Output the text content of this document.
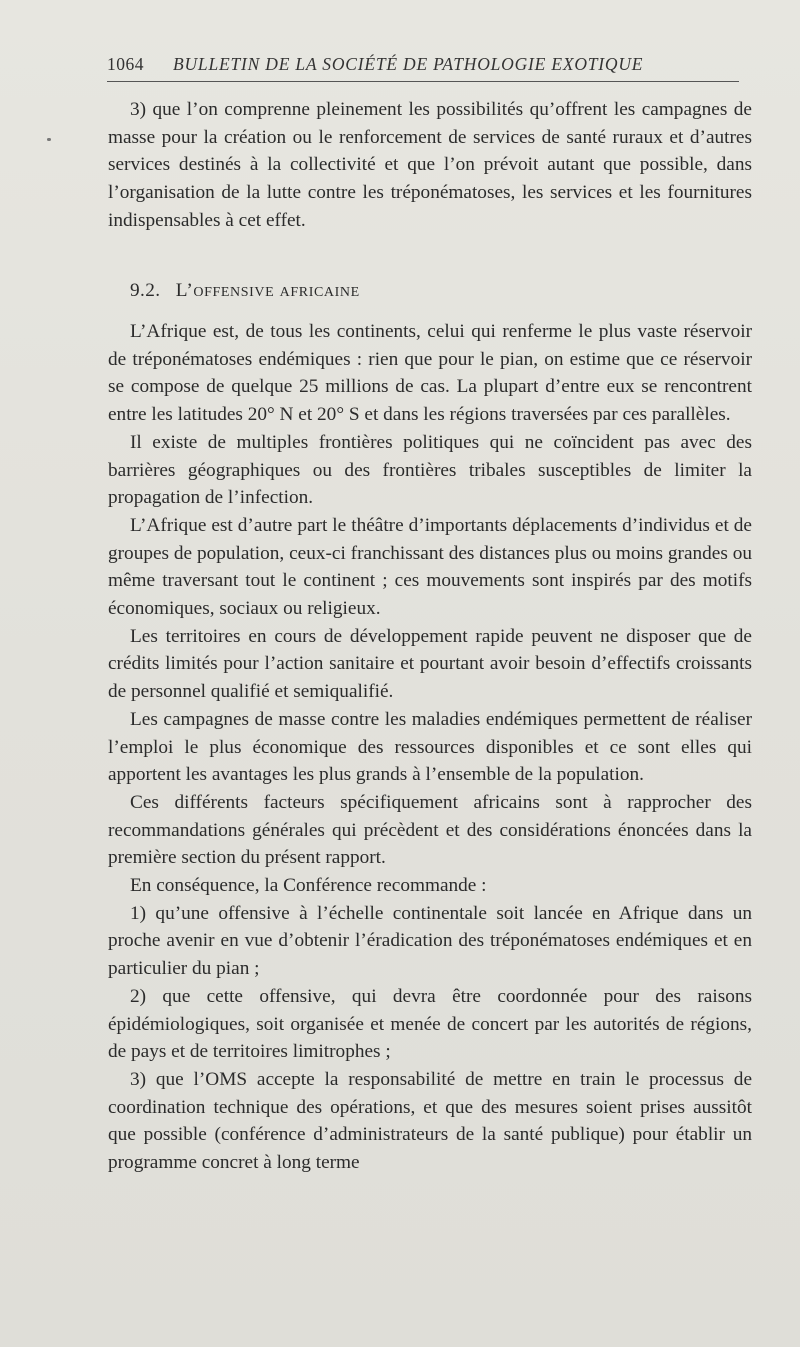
1064 BULLETIN DE LA SOCIÉTÉ DE PATHOLOGIE EXOTIQUE

3) que l’on comprenne pleinement les possibilités qu’offrent les campagnes de masse pour la création ou le renforcement de services de santé ruraux et d’autres services destinés à la collectivité et que l’on prévoit autant que possible, dans l’organisation de la lutte contre les tréponématoses, les services et les fournitures indispensables à cet effet.

9.2. L’offensive africaine

L’Afrique est, de tous les continents, celui qui renferme le plus vaste réservoir de tréponématoses endémiques : rien que pour le pian, on estime que ce réservoir se compose de quelque 25 millions de cas. La plupart d’entre eux se rencontrent entre les latitudes 20° N et 20° S et dans les régions traversées par ces parallèles.

Il existe de multiples frontières politiques qui ne coïncident pas avec des barrières géographiques ou des frontières tribales susceptibles de limiter la propagation de l’infection.

L’Afrique est d’autre part le théâtre d’importants déplacements d’individus et de groupes de population, ceux-ci franchissant des distances plus ou moins grandes ou même traversant tout le continent ; ces mouvements sont inspirés par des motifs économiques, sociaux ou religieux.

Les territoires en cours de développement rapide peuvent ne disposer que de crédits limités pour l’action sanitaire et pourtant avoir besoin d’effectifs croissants de personnel qualifié et semiqualifié.

Les campagnes de masse contre les maladies endémiques permettent de réaliser l’emploi le plus économique des ressources disponibles et ce sont elles qui apportent les avantages les plus grands à l’ensemble de la population.

Ces différents facteurs spécifiquement africains sont à rapprocher des recommandations générales qui précèdent et des considérations énoncées dans la première section du présent rapport.

En conséquence, la Conférence recommande :

1) qu’une offensive à l’échelle continentale soit lancée en Afrique dans un proche avenir en vue d’obtenir l’éradication des tréponématoses endémiques et en particulier du pian ;

2) que cette offensive, qui devra être coordonnée pour des raisons épidémiologiques, soit organisée et menée de concert par les autorités de régions, de pays et de territoires limitrophes ;

3) que l’OMS accepte la responsabilité de mettre en train le processus de coordination technique des opérations, et que des mesures soient prises aussitôt que possible (conférence d’administrateurs de la santé publique) pour établir un programme concret à long terme
